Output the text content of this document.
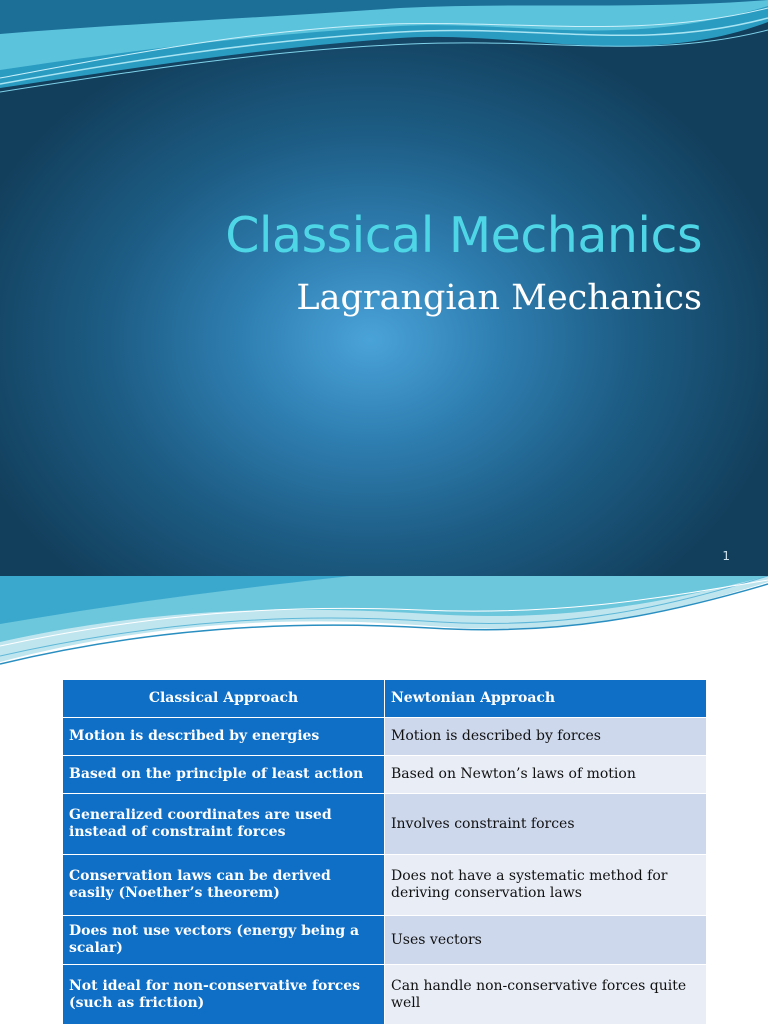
Classical Mechanics
Lagrangian Mechanics
1
Classical Approach	Newtonian Approach
Motion is described by energies	Motion is described by forces
Based on the principle of least action	Based on Newton’s laws of motion
Generalized coordinates are used instead of constraint forces	Involves constraint forces
Conservation laws can be derived easily (Noether’s theorem)	Does not have a systematic method for deriving conservation laws
Does not use vectors (energy being a scalar)	Uses vectors
Not ideal for non-conservative forces (such as friction)	Can handle non-conservative forces quite well
